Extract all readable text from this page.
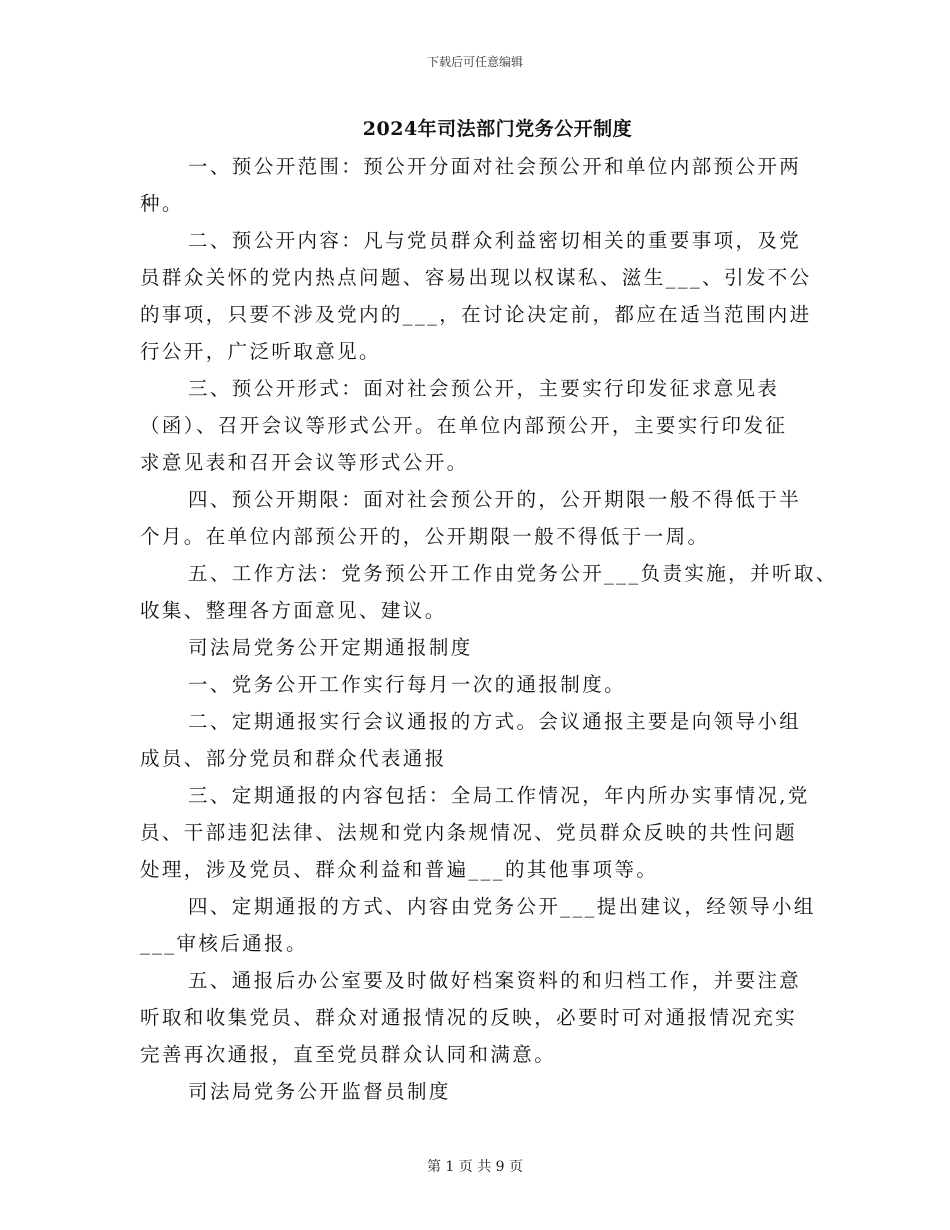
下载后可任意编辑
2024年司法部门党务公开制度
一、预公开范围：预公开分面对社会预公开和单位内部预公开两
种。
二、预公开内容：凡与党员群众利益密切相关的重要事项，及党
员群众关怀的党内热点问题、容易出现以权谋私、滋生___、引发不公
的事项，只要不涉及党内的___，在讨论决定前，都应在适当范围内进
行公开，广泛听取意见。
三、预公开形式：面对社会预公开，主要实行印发征求意见表
（函）、召开会议等形式公开。在单位内部预公开，主要实行印发征
求意见表和召开会议等形式公开。
四、预公开期限：面对社会预公开的，公开期限一般不得低于半
个月。在单位内部预公开的，公开期限一般不得低于一周。
五、工作方法：党务预公开工作由党务公开___负责实施，并听取、
收集、整理各方面意见、建议。
司法局党务公开定期通报制度
一、党务公开工作实行每月一次的通报制度。
二、定期通报实行会议通报的方式。会议通报主要是向领导小组
成员、部分党员和群众代表通报
三、定期通报的内容包括：全局工作情况，年内所办实事情况,党
员、干部违犯法律、法规和党内条规情况、党员群众反映的共性问题
处理，涉及党员、群众利益和普遍___的其他事项等。
四、定期通报的方式、内容由党务公开___提出建议，经领导小组
___审核后通报。
五、通报后办公室要及时做好档案资料的和归档工作，并要注意
听取和收集党员、群众对通报情况的反映，必要时可对通报情况充实
完善再次通报，直至党员群众认同和满意。
司法局党务公开监督员制度
第 1 页 共 9 页
